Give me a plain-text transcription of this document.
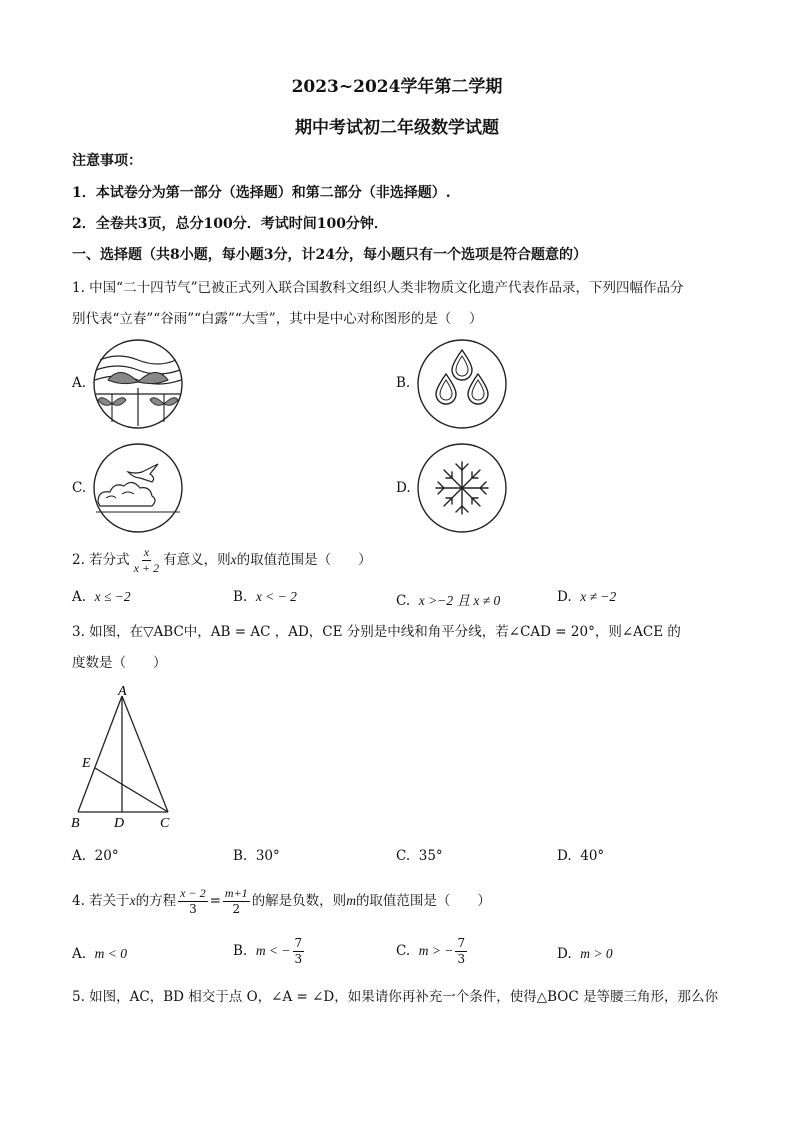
2023~2024学年第二学期
期中考试初二年级数学试题
注意事项：
1．本试卷分为第一部分（选择题）和第二部分（非选择题）.
2．全卷共3页，总分100分．考试时间100分钟．
一、选择题（共8小题，每小题3分，计24分，每小题只有一个选项是符合题意的）
1. 中国“二十四节气”已被正式列入联合国教科文组织人类非物质文化遗产代表作品录，下列四幅作品分
别代表“立春”“谷雨”“白露”“大雪”，其中是中心对称图形的是（　 ）
A.	B.
C.	D.
2. 若分式 $\frac{x}{x + 2}$ 有意义，则x的取值范围是（　　）
A. x ≤ −2	B. x < − 2	C. x >−2 且 x ≠ 0	D. x ≠ −2
3. 如图，在▽ABC中，AB = AC ，AD，CE 分别是中线和角平分线，若∠CAD = 20°，则∠ACE 的
度数是（　　）
A
B D	C
E
A. 20°	B. 30°	C. 35°	D. 40°
4. 若关于x的方程 $\frac{x - 2}{3} = \frac{m+1}{2}$ 的解是负数，则m的取值范围是（　　）
A. m < 0	B. m < − $\frac{7}{3}$	C. m > − $\frac{7}{3}$	D. m > 0
5. 如图，AC，BD 相交于点 O，∠A = ∠D，如果请你再补充一个条件，使得△BOC 是等腰三角形，那么你
